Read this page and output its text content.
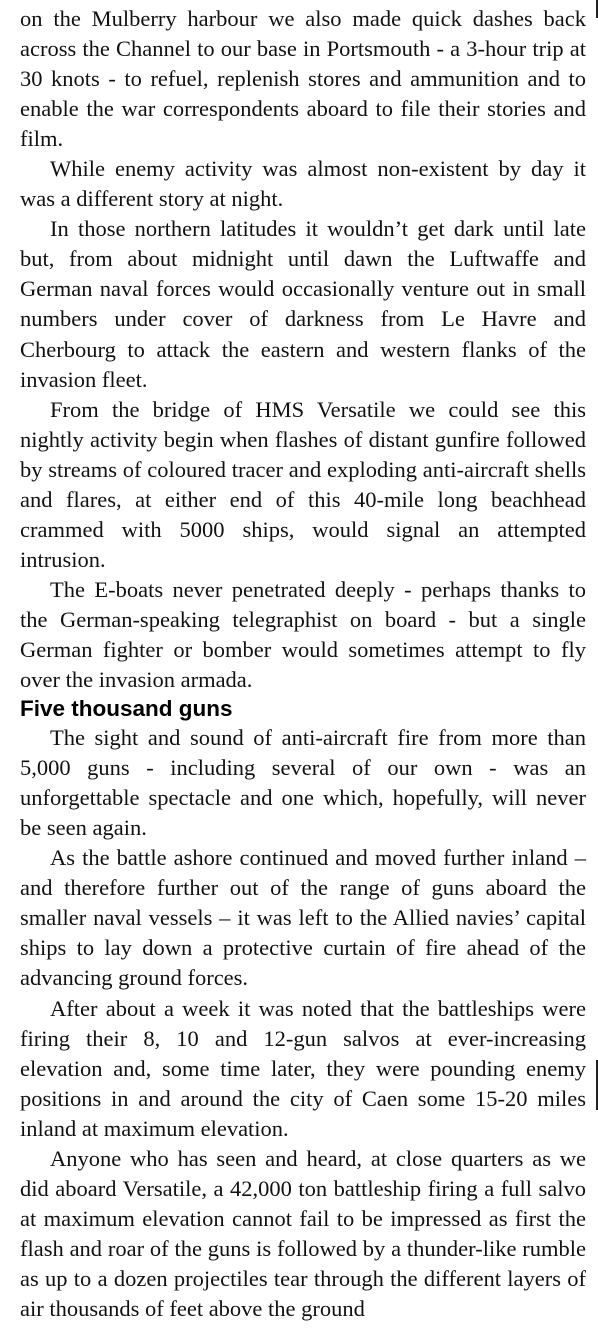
on the Mulberry harbour we also made quick dashes back across the Channel to our base in Portsmouth - a 3-hour trip at 30 knots - to refuel, replenish stores and ammunition and to enable the war correspondents aboard to file their stories and film.

While enemy activity was almost non-existent by day it was a different story at night.

In those northern latitudes it wouldn’t get dark until late but, from about midnight until dawn the Luftwaffe and German naval forces would occasionally venture out in small numbers under cover of darkness from Le Havre and Cherbourg to attack the eastern and western flanks of the invasion fleet.

From the bridge of HMS Versatile we could see this nightly activity begin when flashes of distant gunfire followed by streams of coloured tracer and exploding anti-aircraft shells and flares, at either end of this 40-mile long beachhead crammed with 5000 ships, would signal an attempted intrusion.

The E-boats never penetrated deeply - perhaps thanks to the German-speaking telegraphist on board - but a single German fighter or bomber would sometimes attempt to fly over the invasion armada.

Five thousand guns

The sight and sound of anti-aircraft fire from more than 5,000 guns - including several of our own - was an unforgettable spectacle and one which, hopefully, will never be seen again.

As the battle ashore continued and moved further inland – and therefore further out of the range of guns aboard the smaller naval vessels – it was left to the Allied navies’ capital ships to lay down a protective curtain of fire ahead of the advancing ground forces.

After about a week it was noted that the battleships were firing their 8, 10 and 12-gun salvos at ever-increasing elevation and, some time later, they were pounding enemy positions in and around the city of Caen some 15-20 miles inland at maximum elevation.

Anyone who has seen and heard, at close quarters as we did aboard Versatile, a 42,000 ton battleship firing a full salvo at maximum elevation cannot fail to be impressed as first the flash and roar of the guns is followed by a thunder-like rumble as up to a dozen projectiles tear through the different layers of air thousands of feet above the ground
